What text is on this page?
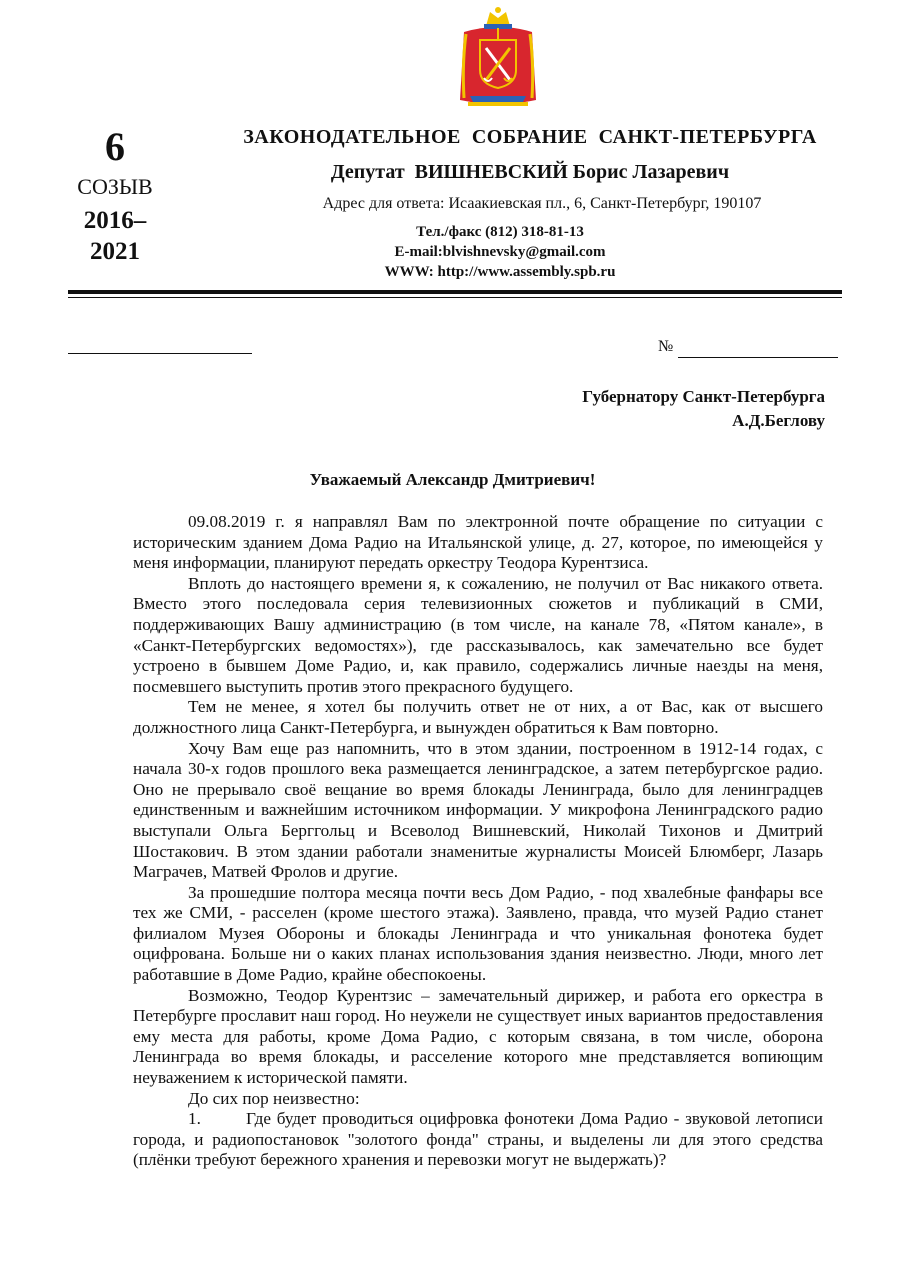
6
СОЗЫВ
2016–
2021
ЗАКОНОДАТЕЛЬНОЕ  СОБРАНИЕ  САНКТ-ПЕТЕРБУРГА
Депутат  ВИШНЕВСКИЙ Борис Лазаревич
Адрес для ответа: Исаакиевская пл., 6, Санкт-Петербург, 190107
Тел./факс (812) 318-81-13
E-mail:blvishnevsky@gmail.com
WWW: http://www.assembly.spb.ru
№
Губернатору Санкт-Петербурга
А.Д.Беглову
Уважаемый Александр Дмитриевич!

09.08.2019 г. я направлял Вам по электронной почте обращение по ситуации с историческим зданием Дома Радио на Итальянской улице, д. 27, которое, по имеющейся у меня информации, планируют передать оркестру Теодора Курентзиса.

Вплоть до настоящего времени я, к сожалению, не получил от Вас никакого ответа. Вместо этого последовала серия телевизионных сюжетов и публикаций в СМИ, поддерживающих Вашу администрацию (в том числе, на канале 78, «Пятом канале», в «Санкт-Петербургских ведомостях»), где рассказывалось, как замечательно все будет устроено в бывшем Доме Радио, и, как правило, содержались личные наезды на меня, посмевшего выступить против этого прекрасного будущего.

Тем не менее, я хотел бы получить ответ не от них, а от Вас, как от высшего должностного лица Санкт-Петербурга, и вынужден обратиться к Вам повторно.

Хочу Вам еще раз напомнить, что в этом здании, построенном в 1912-14 годах, с начала 30-х годов прошлого века размещается ленинградское, а затем петербургское радио. Оно не прерывало своё вещание во время блокады Ленинграда, было для ленинградцев единственным и важнейшим источником информации. У микрофона Ленинградского радио выступали Ольга Берггольц и Всеволод Вишневский, Николай Тихонов и Дмитрий Шостакович. В этом здании работали знаменитые журналисты Моисей Блюмберг, Лазарь Маграчев, Матвей Фролов и другие.

За прошедшие полтора месяца почти весь Дом Радио, - под хвалебные фанфары все тех же СМИ, - расселен (кроме шестого этажа). Заявлено, правда, что музей Радио станет филиалом Музея Обороны и блокады Ленинграда и что уникальная фонотека будет оцифрована. Больше ни о каких планах использования здания неизвестно. Люди, много лет работавшие в Доме Радио, крайне обеспокоены.

Возможно, Теодор Курентзис – замечательный дирижер, и работа его оркестра в Петербурге прославит наш город. Но неужели не существует иных вариантов предоставления ему места для работы, кроме Дома Радио, с которым связана, в том числе, оборона Ленинграда во время блокады, и расселение которого мне представляется вопиющим неуважением к исторической памяти.

До сих пор неизвестно:

1.	Где будет проводиться оцифровка фонотеки Дома Радио - звуковой летописи города, и радиопостановок "золотого фонда" страны, и выделены ли для этого средства (плёнки требуют бережного хранения и перевозки могут не выдержать)?
